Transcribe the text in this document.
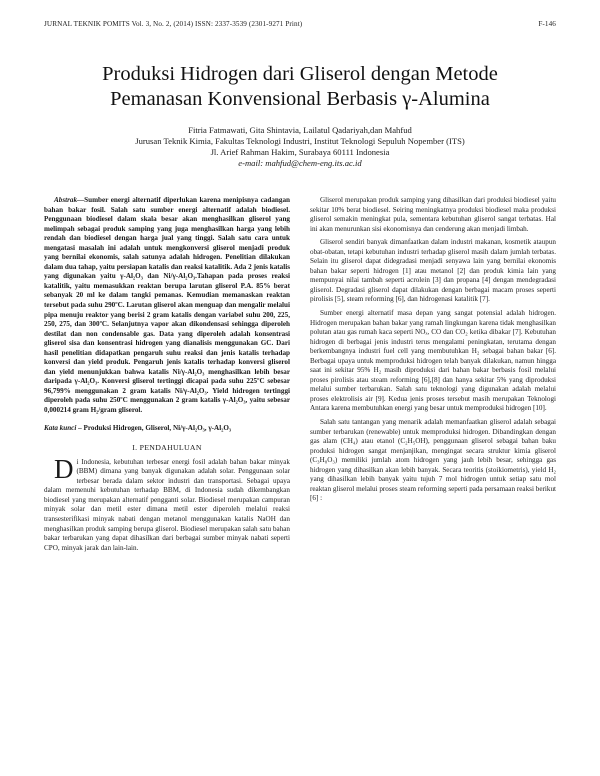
JURNAL TEKNIK POMITS Vol. 3, No. 2, (2014) ISSN: 2337-3539 (2301-9271 Print)	F-146
Produksi Hidrogen dari Gliserol dengan Metode
Pemanasan Konvensional Berbasis γ-Alumina
Fitria Fatmawati, Gita Shintavia, Lailatul Qadariyah,dan Mahfud
Jurusan Teknik Kimia, Fakultas Teknologi Industri, Institut Teknologi Sepuluh Nopember (ITS)
Jl. Arief Rahman Hakim, Surabaya 60111 Indonesia
e-mail: mahfud@chem-eng.its.ac.id

Abstrak—Sumber energi alternatif diperlukan karena menipisnya cadangan bahan bakar fosil. Salah satu sumber energi alternatif adalah biodiesel. Penggunaan biodiesel dalam skala besar akan menghasilkan gliserol yang melimpah sebagai produk samping yang juga menghasilkan harga yang lebih rendah dan biodiesel dengan harga jual yang tinggi. Salah satu cara untuk mengatasi masalah ini adalah untuk mengkonversi gliserol menjadi produk yang bernilai ekonomis, salah satunya adalah hidrogen. Penelitian dilakukan dalam dua tahap, yaitu persiapan katalis dan reaksi katalitik. Ada 2 jenis katalis yang digunakan yaitu γ-Al₂O₃ dan Ni/γ-Al₂O₃.Tahapan pada proses reaksi katalitik, yaitu memasukkan reaktan berupa larutan gliserol P.A. 85% berat sebanyak 20 ml ke dalam tangki pemanas. Kemudian memanaskan reaktan tersebut pada suhu 290ºC. Larutan gliserol akan menguap dan mengalir melalui pipa menuju reaktor yang berisi 2 gram katalis dengan variabel suhu 200, 225, 250, 275, dan 300ºC. Selanjutnya vapor akan dikondensasi sehingga diperoleh destilat dan non condensable gas. Data yang diperoleh adalah konsentrasi gliserol sisa dan konsentrasi hidrogen yang dianalisis menggunakan GC. Dari hasil penelitian didapatkan pengaruh suhu reaksi dan jenis katalis terhadap konversi dan yield produk. Pengaruh jenis katalis terhadap konversi gliserol dan yield menunjukkan bahwa katalis Ni/γ-Al₂O₃ menghasilkan lebih besar daripada γ-Al₂O₃. Konversi gliserol tertinggi dicapai pada suhu 225ºC sebesar 96,799% menggunakan 2 gram katalis Ni/γ-Al₂O₃. Yield hidrogen tertinggi diperoleh pada suhu 250ºC menggunakan 2 gram katalis γ-Al₂O₃, yaitu sebesar 0,000214 gram H₂/gram gliserol.

Kata kunci – Produksi Hidrogen, Gliserol, Ni/γ-Al₂O₃, γ-Al₂O₃

I. PENDAHULUAN

Di Indonesia, kebutuhan terbesar energi fosil adalah bahan bakar minyak (BBM) dimana yang banyak digunakan adalah solar. Penggunaan solar terbesar berada dalam sektor industri dan transportasi. Sebagai upaya dalam memenuhi kebutuhan terhadap BBM, di Indonesia sudah dikembangkan biodiesel yang merupakan alternatif pengganti solar. Biodiesel merupakan campuran minyak solar dan metil ester dimana metil ester diperoleh melalui reaksi transesterifikasi minyak nabati dengan metanol menggunakan katalis NaOH dan menghasilkan produk samping berupa gliserol. Biodiesel merupakan salah satu bahan bakar terbarukan yang dapat dihasilkan dari berbagai sumber minyak nabati seperti CPO, minyak jarak dan lain-lain.

Gliserol merupakan produk samping yang dihasilkan dari produksi biodiesel yaitu sekitar 10% berat biodiesel. Seiring meningkatnya produksi biodiesel maka produksi gliserol semakin meningkat pula, sementara kebutuhan gliserol sangat terbatas. Hal ini akan menurunkan sisi ekonomisnya dan cenderung akan menjadi limbah.

Gliserol sendiri banyak dimanfaatkan dalam industri makanan, kosmetik ataupun obat-obatan, tetapi kebutuhan industri terhadap gliserol masih dalam jumlah terbatas. Selain itu gliserol dapat didegradasi menjadi senyawa lain yang bernilai ekonomis bahan bakar seperti hidrogen [1] atau metanol [2] dan produk kimia lain yang mempunyai nilai tambah seperti acrolein [3] dan propana [4] dengan mendegradasi gliserol. Degradasi gliserol dapat dilakukan dengan berbagai macam proses seperti pirolisis [5], steam reforming [6], dan hidrogenasi katalitik [7].

Sumber energi alternatif masa depan yang sangat potensial adalah hidrogen. Hidrogen merupakan bahan bakar yang ramah lingkungan karena tidak menghasilkan polutan atau gas rumah kaca seperti NOₓ, CO dan CO₂ ketika dibakar [7]. Kebutuhan hidrogen di berbagai jenis industri terus mengalami peningkatan, terutama dengan berkembangnya industri fuel cell yang membutuhkan H₂ sebagai bahan bakar [6]. Berbagai upaya untuk memproduksi hidrogen telah banyak dilakukan, namun hingga saat ini sekitar 95% H₂ masih diproduksi dari bahan bakar berbasis fosil melalui proses pirolisis atau steam reforming [6],[8] dan hanya sekitar 5% yang diproduksi melalui sumber terbarukan. Salah satu teknologi yang digunakan adalah melalui proses elektrolisis air [9]. Kedua jenis proses tersebut masih merupakan Teknologi Antara karena membutuhkan energi yang besar untuk memproduksi hidrogen [10].

Salah satu tantangan yang menarik adalah memanfaatkan gliserol adalah sebagai sumber terbarukan (renewable) untuk memproduksi hidrogen. Dibandingkan dengan gas alam (CH₄) atau etanol (C₂H₅OH), penggunaan gliserol sebagai bahan baku produksi hidrogen sangat menjanjikan, mengingat secara struktur kimia gliserol (C₃H₈O₃) memiliki jumlah atom hidrogen yang jauh lebih besar, sehingga gas hidrogen yang dihasilkan akan lebih banyak. Secara teoritis (stoikiometris), yield H₂ yang dihasilkan lebih banyak yaitu tujuh 7 mol hidrogen untuk setiap satu mol reaktan gliserol melalui proses steam reforming seperti pada persamaan reaksi berikut [6] :
